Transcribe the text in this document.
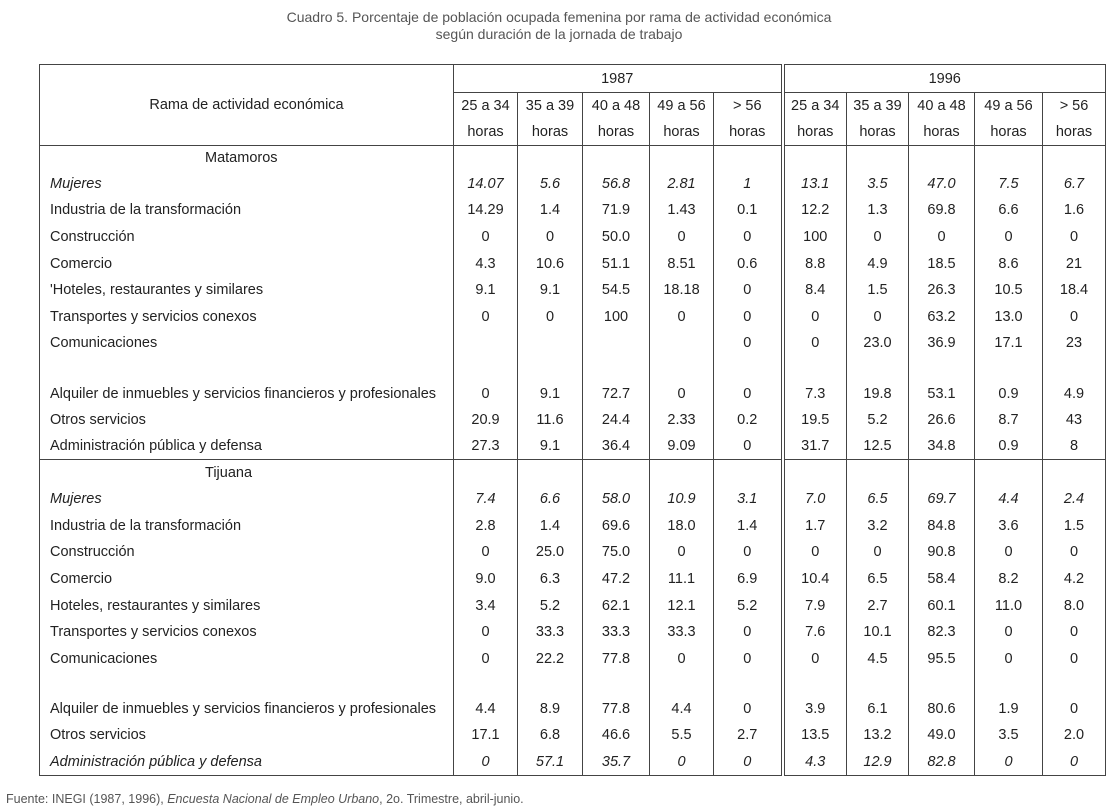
Cuadro 5. Porcentaje de población ocupada femenina por rama de actividad económica
según duración de la jornada de trabajo
Rama de actividad económica	1987					1996				
	25 a 34	35 a 39	40 a 48	49 a 56	> 56	25 a 34	35 a 39	40 a 48	49 a 56	> 56
	horas	horas	horas	horas	horas	horas	horas	horas	horas	horas
Matamoros										
Mujeres	14.07	5.6	56.8	2.81	1	13.1	3.5	47.0	7.5	6.7
Industria de la transformación	14.29	1.4	71.9	1.43	0.1	12.2	1.3	69.8	6.6	1.6
Construcción	0	0	50.0	0	0	100	0	0	0	0
Comercio	4.3	10.6	51.1	8.51	0.6	8.8	4.9	18.5	8.6	21
'Hoteles, restaurantes y similares	9.1	9.1	54.5	18.18	0	8.4	1.5	26.3	10.5	18.4
Transportes y servicios conexos	0	0	100	0	0	0	0	63.2	13.0	0
Comunicaciones					0	0	23.0	36.9	17.1	23
Alquiler de inmuebles y servicios financieros y profesionales	0	9.1	72.7	0	0	7.3	19.8	53.1	0.9	4.9
Otros servicios	20.9	11.6	24.4	2.33	0.2	19.5	5.2	26.6	8.7	43
Administración pública y defensa	27.3	9.1	36.4	9.09	0	31.7	12.5	34.8	0.9	8
Tijuana										
Mujeres	7.4	6.6	58.0	10.9	3.1	7.0	6.5	69.7	4.4	2.4
Industria de la transformación	2.8	1.4	69.6	18.0	1.4	1.7	3.2	84.8	3.6	1.5
Construcción	0	25.0	75.0	0	0	0	0	90.8	0	0
Comercio	9.0	6.3	47.2	11.1	6.9	10.4	6.5	58.4	8.2	4.2
Hoteles, restaurantes y similares	3.4	5.2	62.1	12.1	5.2	7.9	2.7	60.1	11.0	8.0
Transportes y servicios conexos	0	33.3	33.3	33.3	0	7.6	10.1	82.3	0	0
Comunicaciones	0	22.2	77.8	0	0	0	4.5	95.5	0	0
Alquiler de inmuebles y servicios financieros y profesionales	4.4	8.9	77.8	4.4	0	3.9	6.1	80.6	1.9	0
Otros servicios	17.1	6.8	46.6	5.5	2.7	13.5	13.2	49.0	3.5	2.0
Administración pública y defensa	0	57.1	35.7	0	0	4.3	12.9	82.8	0	0
Fuente: INEGI (1987, 1996), Encuesta Nacional de Empleo Urbano, 2o. Trimestre, abril-junio.
